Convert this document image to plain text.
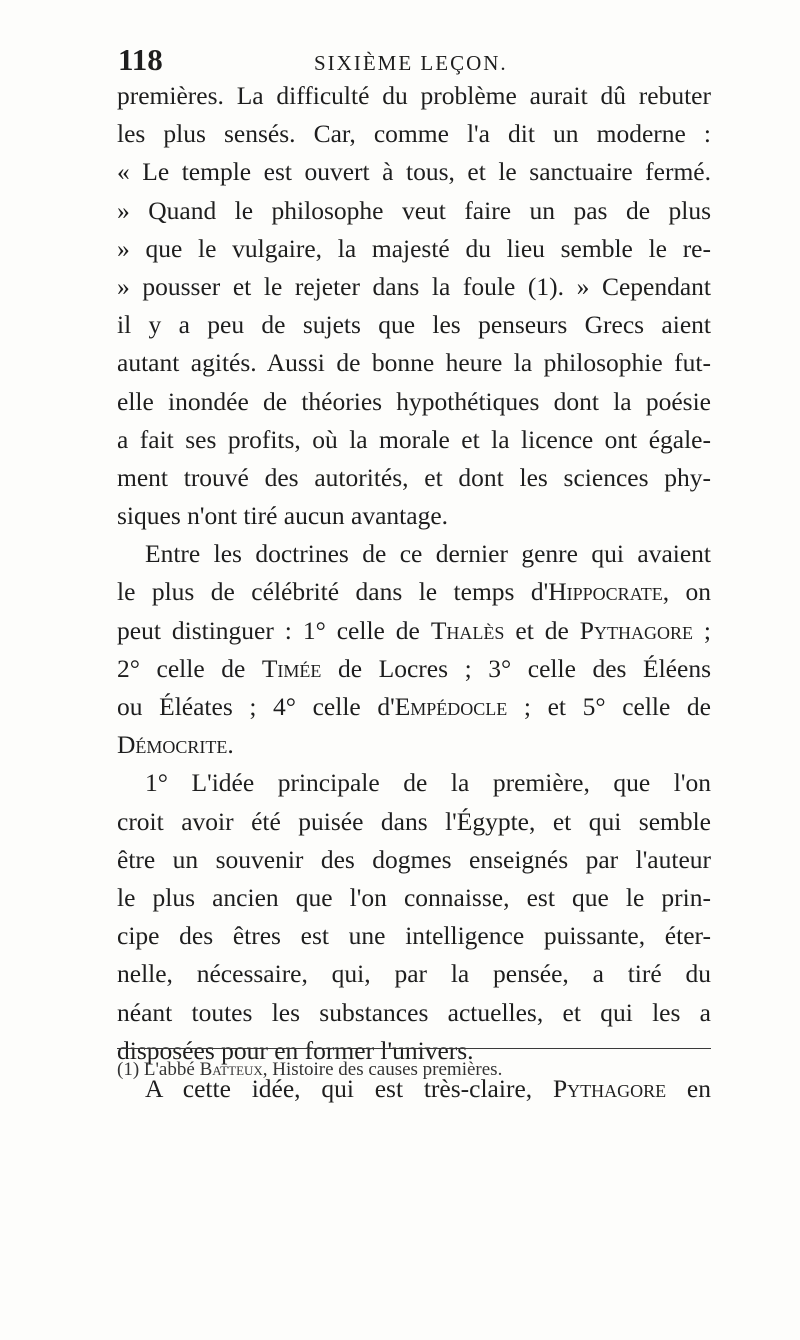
118	SIXIÈME LEÇON.
premières. La difficulté du problème aurait dû rebuter
les plus sensés. Car, comme l'a dit un moderne :
« Le temple est ouvert à tous, et le sanctuaire fermé.
» Quand le philosophe veut faire un pas de plus
» que le vulgaire, la majesté du lieu semble le re-
» pousser et le rejeter dans la foule (1). » Cependant
il y a peu de sujets que les penseurs Grecs aient
autant agités. Aussi de bonne heure la philosophie fut-
elle inondée de théories hypothétiques dont la poésie
a fait ses profits, où la morale et la licence ont égale-
ment trouvé des autorités, et dont les sciences phy-
siques n'ont tiré aucun avantage.
Entre les doctrines de ce dernier genre qui avaient
le plus de célébrité dans le temps d'Hippocrate, on
peut distinguer : 1° celle de Thalès et de Pythagore ;
2° celle de Timée de Locres ; 3° celle des Éléens
ou Éléates ; 4° celle d'Empédocle ; et 5° celle de
Démocrite.
1° L'idée principale de la première, que l'on
croit avoir été puisée dans l'Égypte, et qui semble
être un souvenir des dogmes enseignés par l'auteur
le plus ancien que l'on connaisse, est que le prin-
cipe des êtres est une intelligence puissante, éter-
nelle, nécessaire, qui, par la pensée, a tiré du
néant toutes les substances actuelles, et qui les a
disposées pour en former l'univers.
A cette idée, qui est très-claire, Pythagore en
(1) L'abbé Batteux, Histoire des causes premières.
